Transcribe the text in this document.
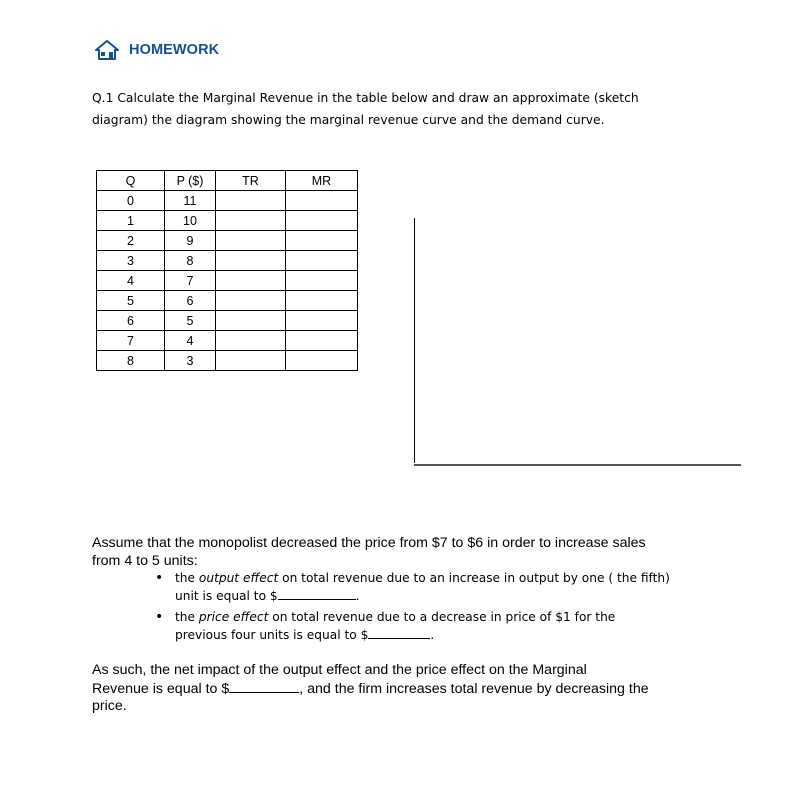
HOMEWORK
Q.1 Calculate the Marginal Revenue in the table below and draw an approximate (sketch
diagram) the diagram showing the marginal revenue curve and the demand curve.
Q	P ($)	TR	MR
0	11		
1	10		
2	9		
3	8		
4	7		
5	6		
6	5		
7	4		
8	3		
Assume that the monopolist decreased the price from $7 to $6 in order to increase sales
from 4 to 5 units:
• the output effect on total revenue due to an increase in output by one ( the fifth)
unit is equal to $	.
• the price effect on total revenue due to a decrease in price of $1 for the
previous four units is equal to $	.
As such, the net impact of the output effect and the price effect on the Marginal
Revenue is equal to $	, and the firm increases total revenue by decreasing the
price.
